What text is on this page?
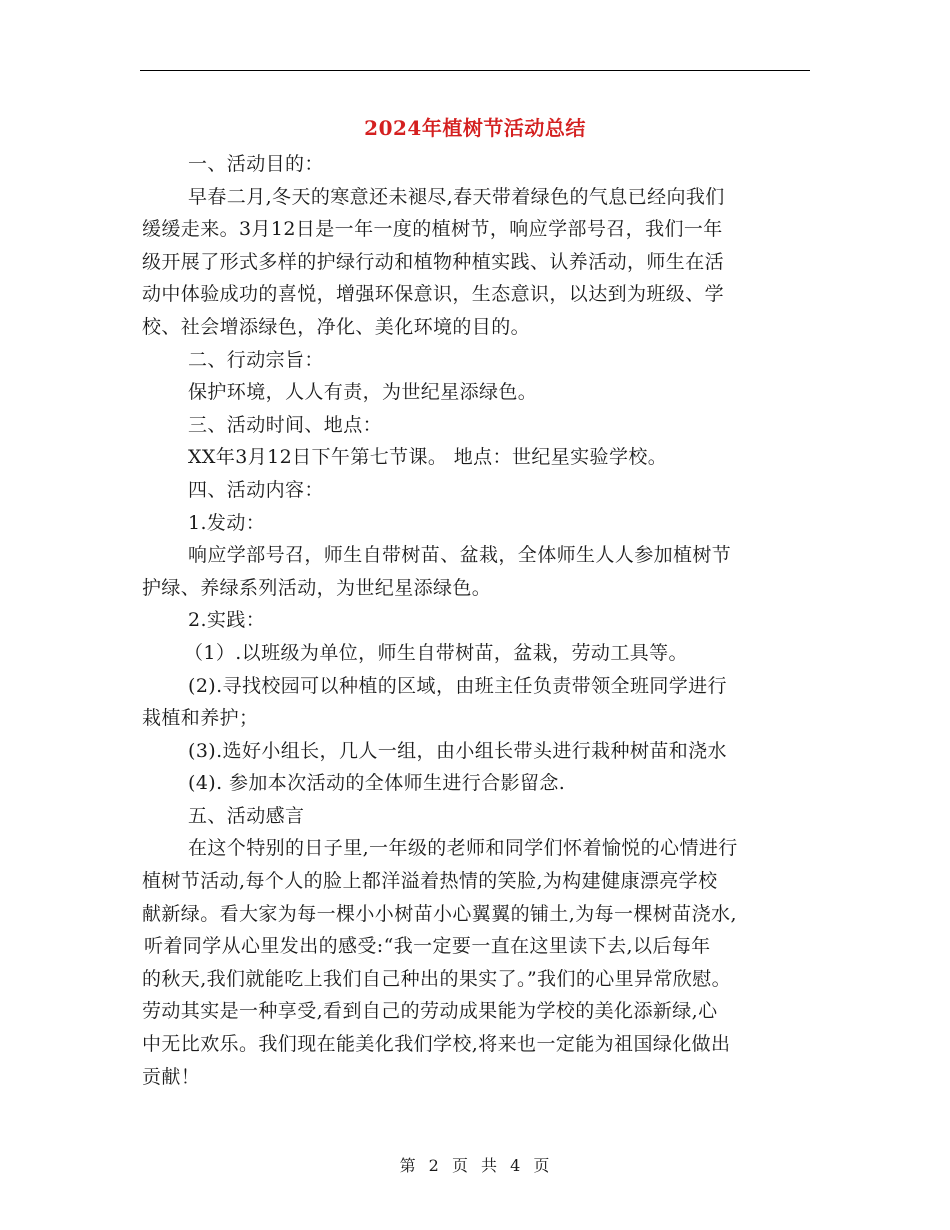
2024年植树节活动总结

一、活动目的：

早春二月,冬天的寒意还未褪尽,春天带着绿色的气息已经向我们

缓缓走来。3月12日是一年一度的植树节，响应学部号召，我们一年

级开展了形式多样的护绿行动和植物种植实践、认养活动，师生在活

动中体验成功的喜悦，增强环保意识，生态意识，以达到为班级、学

校、社会增添绿色，净化、美化环境的目的。

二、行动宗旨：

保护环境，人人有责，为世纪星添绿色。

三、活动时间、地点：

XX年3月12日下午第七节课。 地点：世纪星实验学校。

四、活动内容：

1.发动：

响应学部号召，师生自带树苗、盆栽，全体师生人人参加植树节

护绿、养绿系列活动，为世纪星添绿色。

2.实践：

（1）.以班级为单位，师生自带树苗，盆栽，劳动工具等。

(2).寻找校园可以种植的区域，由班主任负责带领全班同学进行

栽植和养护；

(3).选好小组长，几人一组，由小组长带头进行栽种树苗和浇水

(4). 参加本次活动的全体师生进行合影留念.

五、活动感言

在这个特别的日子里,一年级的老师和同学们怀着愉悦的心情进行

植树节活动,每个人的脸上都洋溢着热情的笑脸,为构建健康漂亮学校

献新绿。看大家为每一棵小小树苗小心翼翼的铺土,为每一棵树苗浇水,

听着同学从心里发出的感受:“我一定要一直在这里读下去,以后每年

的秋天,我们就能吃上我们自己种出的果实了。”我们的心里异常欣慰。

劳动其实是一种享受,看到自己的劳动成果能为学校的美化添新绿,心

中无比欢乐。我们现在能美化我们学校,将来也一定能为祖国绿化做出

贡献！

第 2 页 共 4 页
